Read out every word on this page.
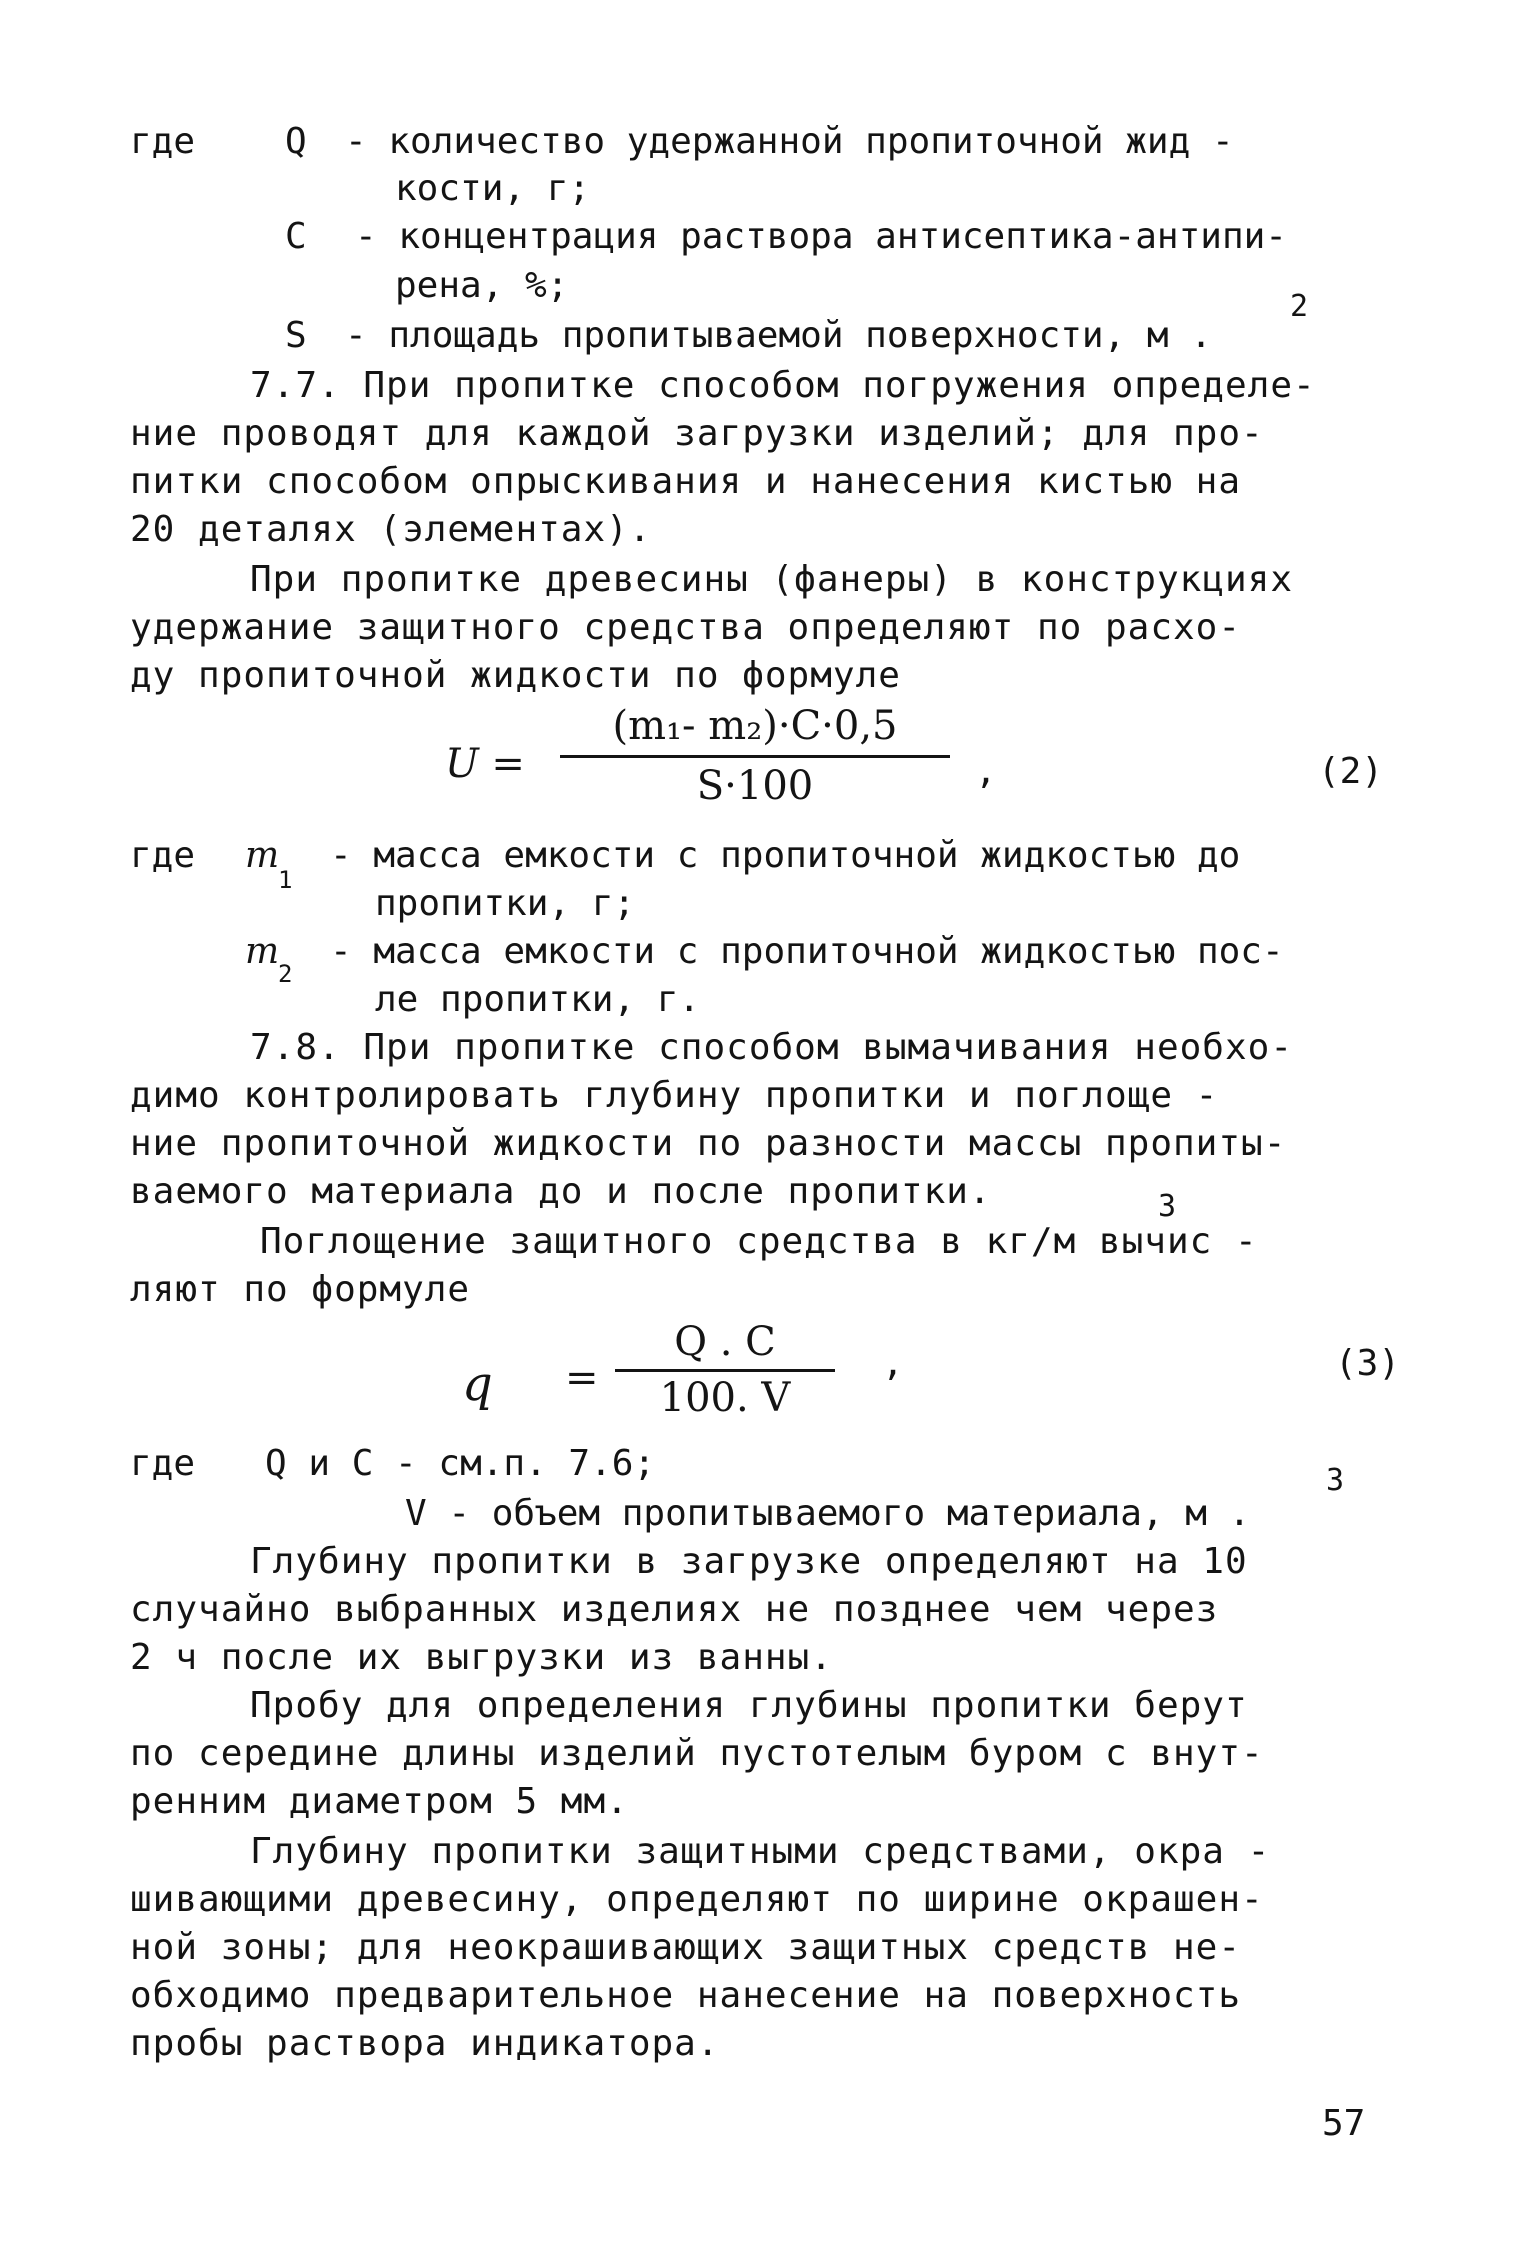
где Q - количество удержанной пропиточной жид -
кости, г;
C - концентрация раствора антисептика-антипи-
рена, %;
S - площадь пропитываемой поверхности, м .
2
7.7. При пропитке способом погружения определе-
ние проводят для каждой загрузки изделий; для про-
питки способом опрыскивания и нанесения кистью на
20 деталях (элементах).
При пропитке древесины (фанеры) в конструкциях
удержание защитного средства определяют по расхо-
ду пропиточной жидкости по формуле
U =
(m₁- m₂)·C·0,5
S·100	,	(2)
где m
1
- масса емкости с пропиточной жидкостью до
пропитки, г;
m
2
- масса емкости с пропиточной жидкостью пос-
ле пропитки, г.
7.8. При пропитке способом вымачивания необхо-
димо контролировать глубину пропитки и поглоще -
ние пропиточной жидкости по разности массы пропиты-
ваемого материала до и после пропитки.
Поглощение защитного средства в кг/м вычис -
3
ляют по формуле
q =
Q . C
100. V
,	(3)
где Q и C - см.п. 7.6;
V - объем пропитываемого материала, м .
3
Глубину пропитки в загрузке определяют на 10
случайно выбранных изделиях не позднее чем через
2 ч после их выгрузки из ванны.
Пробу для определения глубины пропитки берут
по середине длины изделий пустотелым буром с внут-
ренним диаметром 5 мм.
Глубину пропитки защитными средствами, окра -
шивающими древесину, определяют по ширине окрашен-
ной зоны; для неокрашивающих защитных средств не-
обходимо предварительное нанесение на поверхность
пробы раствора индикатора.
57
